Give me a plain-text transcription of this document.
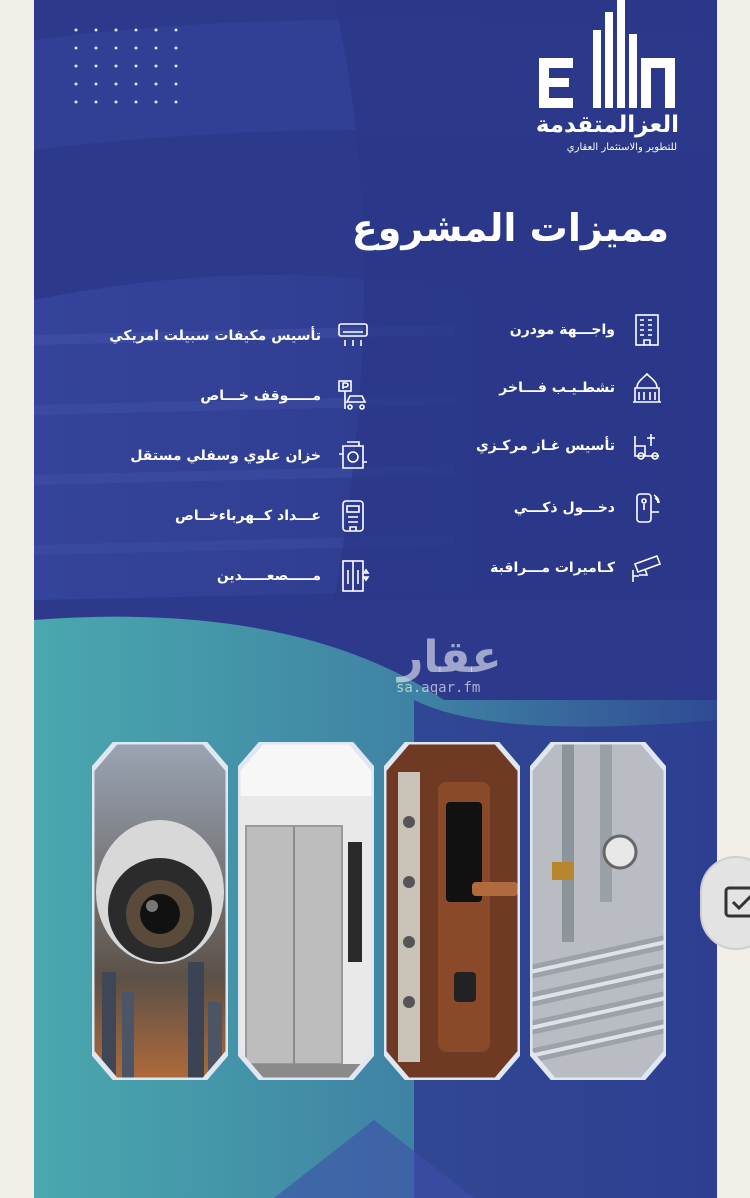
العزالمتقدمة
للتطوير والاستثمار العقاري
مميزات المشروع
واجـــهة مودرن
تشطـيـب فـــاخر
تأسيس غـاز مركـزي
دخـــول ذكـــي
كـاميرات مـــراقبة
تأسيس مكيفات سبيلت امريكي
مـــــوقف خـــاص
خزان علوي وسفلي مستقل
عـــداد كــهرباءخــاص
مـــــصعـــــدين
عقار
sa.aqar.fm
